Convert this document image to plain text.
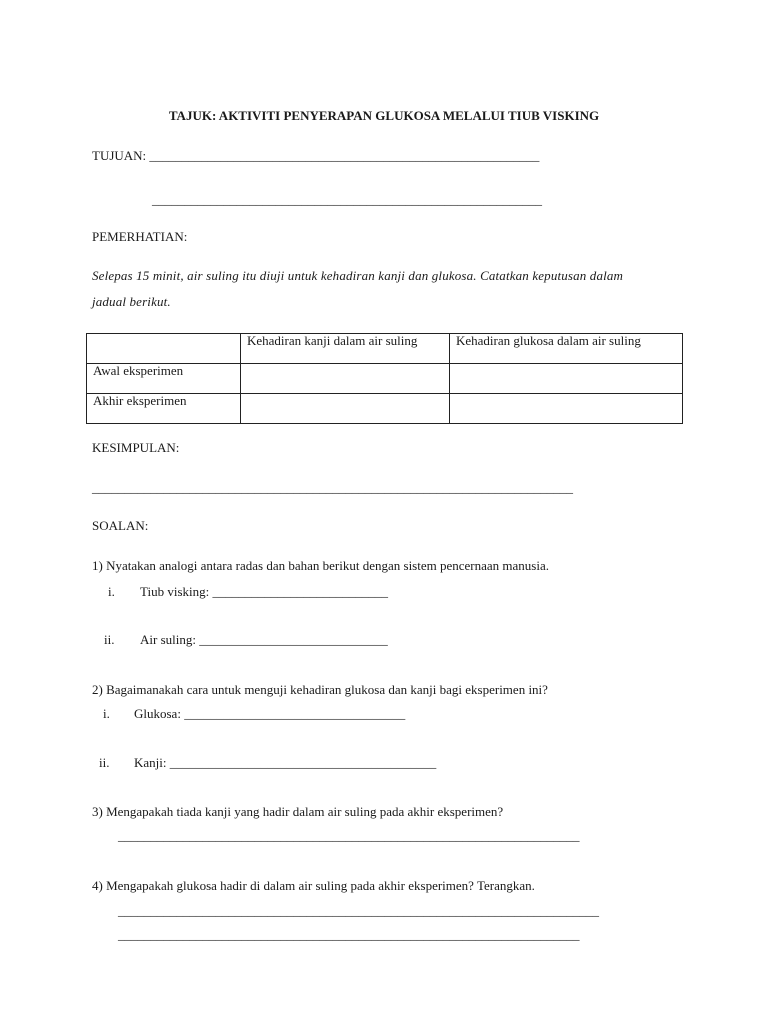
TAJUK: AKTIVITI PENYERAPAN GLUKOSA MELALUI TIUB VISKING
TUJUAN: ____________________________________________________________
____________________________________________________________
PEMERHATIAN:
Selepas 15 minit, air suling itu diuji untuk kehadiran kanji dan glukosa. Catatkan keputusan dalam
jadual berikut.
	Kehadiran kanji dalam air suling	Kehadiran glukosa dalam air suling
Awal eksperimen		
Akhir eksperimen		
KESIMPULAN:
__________________________________________________________________________
SOALAN:
1) Nyatakan analogi antara radas dan bahan berikut dengan sistem pencernaan manusia.
i. Tiub visking: ___________________________
ii. Air suling: _____________________________
2) Bagaimanakah cara untuk menguji kehadiran glukosa dan kanji bagi eksperimen ini?
i. Glukosa: __________________________________
ii. Kanji: _________________________________________
3) Mengapakah tiada kanji yang hadir dalam air suling pada akhir eksperimen?
_______________________________________________________________________
4) Mengapakah glukosa hadir di dalam air suling pada akhir eksperimen? Terangkan.
__________________________________________________________________________
_______________________________________________________________________
